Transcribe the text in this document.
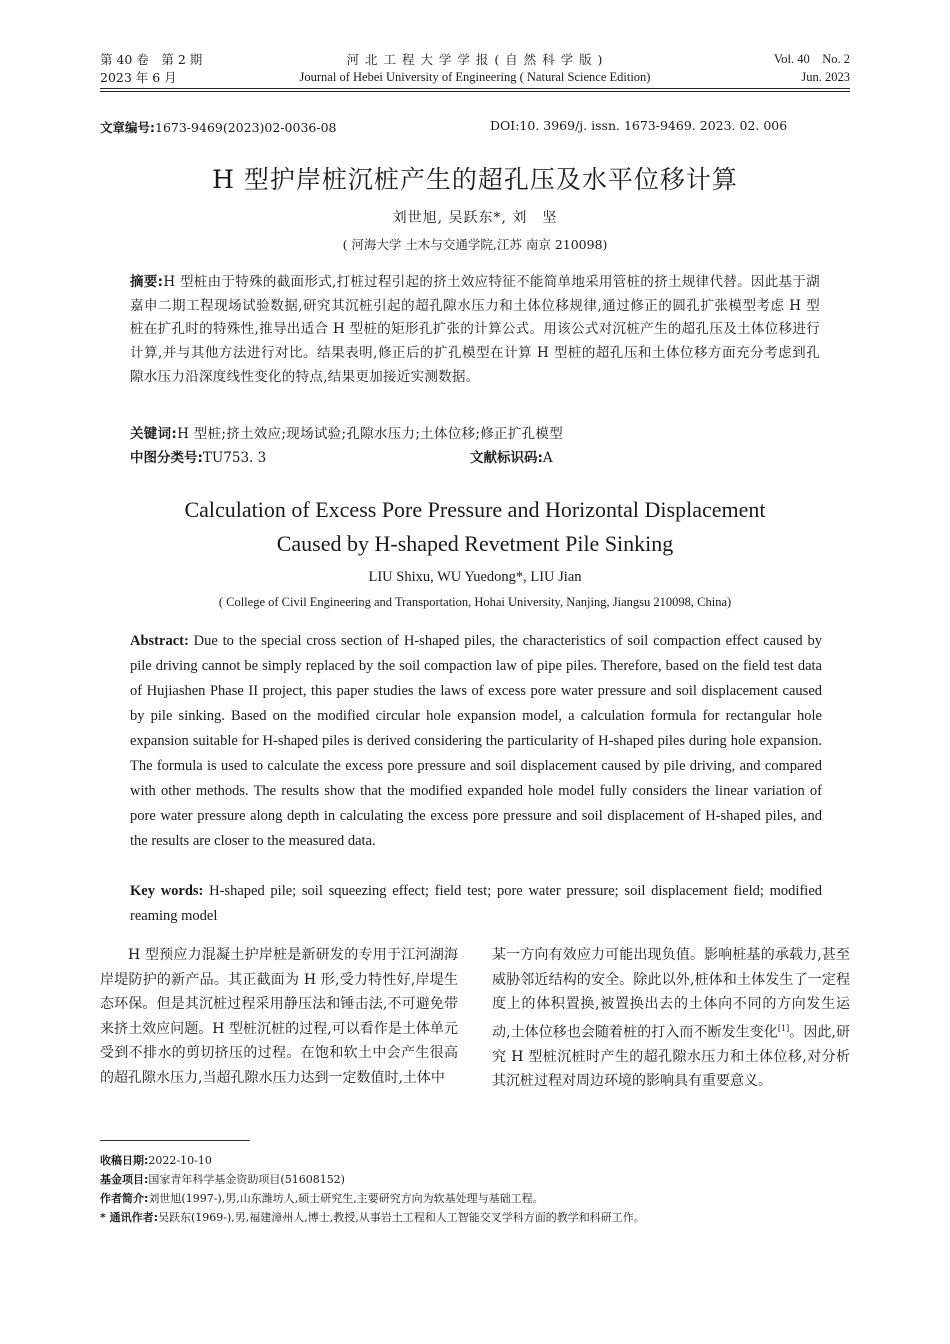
第 40 卷　第 2 期
2023 年 6 月
河 北 工 程 大 学 学 报 ( 自 然 科 学 版 )
Journal of Hebei University of Engineering ( Natural Science Edition)
Vol. 40　No. 2
Jun. 2023
文章编号:1673-9469(2023)02-0036-08	DOI:10. 3969/j. issn. 1673-9469. 2023. 02. 006
H 型护岸桩沉桩产生的超孔压及水平位移计算
刘世旭, 吴跃东*, 刘　坚
( 河海大学 土木与交通学院,江苏 南京 210098)
摘要:H 型桩由于特殊的截面形式,打桩过程引起的挤土效应特征不能简单地采用管桩的挤土规律代替。因此基于湖嘉申二期工程现场试验数据,研究其沉桩引起的超孔隙水压力和土体位移规律,通过修正的圆孔扩张模型考虑 H 型桩在扩孔时的特殊性,推导出适合 H 型桩的矩形孔扩张的计算公式。用该公式对沉桩产生的超孔压及土体位移进行计算,并与其他方法进行对比。结果表明,修正后的扩孔模型在计算 H 型桩的超孔压和土体位移方面充分考虑到孔隙水压力沿深度线性变化的特点,结果更加接近实测数据。
关键词:H 型桩;挤土效应;现场试验;孔隙水压力;土体位移;修正扩孔模型
中图分类号:TU753. 3	文献标识码:A
Calculation of Excess Pore Pressure and Horizontal Displacement
Caused by H-shaped Revetment Pile Sinking
LIU Shixu, WU Yuedong*, LIU Jian
( College of Civil Engineering and Transportation, Hohai University, Nanjing, Jiangsu 210098, China)
Abstract: Due to the special cross section of H-shaped piles, the characteristics of soil compaction effect caused by pile driving cannot be simply replaced by the soil compaction law of pipe piles. Therefore, based on the field test data of Hujiashen Phase II project, this paper studies the laws of excess pore water pressure and soil displacement caused by pile sinking. Based on the modified circular hole expansion model, a calculation formula for rectangular hole expansion suitable for H-shaped piles is derived considering the particularity of H-shaped piles during hole expansion. The formula is used to calculate the excess pore pressure and soil displacement caused by pile driving, and compared with other methods. The results show that the modified expanded hole model fully considers the linear variation of pore water pressure along depth in calculating the excess pore pressure and soil displacement of H-shaped piles, and the results are closer to the measured data.
Key words: H-shaped pile; soil squeezing effect; field test; pore water pressure; soil displacement field; modified reaming model
H 型预应力混凝土护岸桩是新研发的专用于江河湖海岸堤防护的新产品。其正截面为 H 形,受力特性好,岸堤生态环保。但是其沉桩过程采用静压法和锤击法,不可避免带来挤土效应问题。H 型桩沉桩的过程,可以看作是土体单元受到不排水的剪切挤压的过程。在饱和软土中会产生很高的超孔隙水压力,当超孔隙水压力达到一定数值时,土体中
某一方向有效应力可能出现负值。影响桩基的承载力,甚至威胁邻近结构的安全。除此以外,桩体和土体发生了一定程度上的体积置换,被置换出去的土体向不同的方向发生运动,土体位移也会随着桩的打入而不断发生变化[1]。因此,研究 H 型桩沉桩时产生的超孔隙水压力和土体位移,对分析其沉桩过程对周边环境的影响具有重要意义。
收稿日期:2022-10-10
基金项目:国家青年科学基金资助项目(51608152)
作者简介:刘世旭(1997-),男,山东潍坊人,硕士研究生,主要研究方向为软基处理与基础工程。
* 通讯作者:吴跃东(1969-),男,福建漳州人,博士,教授,从事岩土工程和人工智能交叉学科方面的教学和科研工作。
